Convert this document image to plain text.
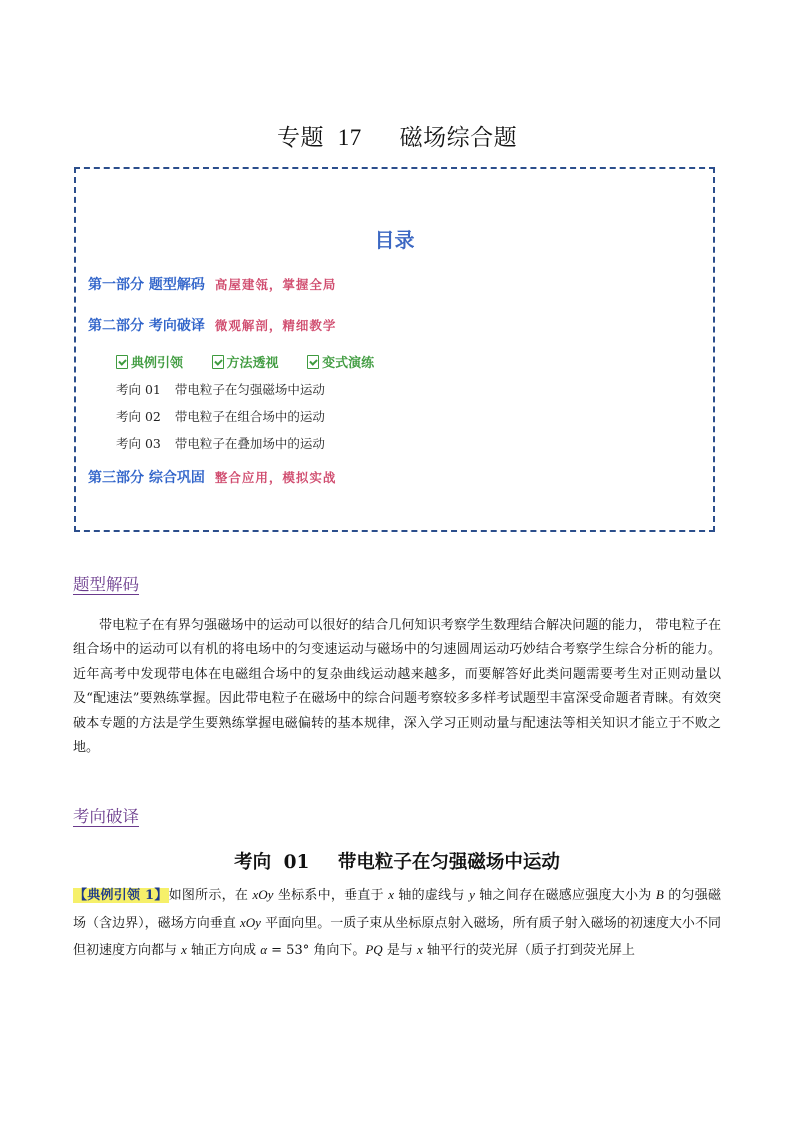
专题 17 磁场综合题
目录
第一部分 题型解码 高屋建瓴，掌握全局
第二部分 考向破译 微观解剖，精细教学
典例引领
	方法透视
	变式演练
考向 01 带电粒子在匀强磁场中运动
考向 02 带电粒子在组合场中的运动
考向 03 带电粒子在叠加场中的运动
第三部分 综合巩固 整合应用，模拟实战
题型解码

带电粒子在有界匀强磁场中的运动可以很好的结合几何知识考察学生数理结合解决问题的能力， 带电粒子在组合场中的运动可以有机的将电场中的匀变速运动与磁场中的匀速圆周运动巧妙结合考察学生综合分析的能力。近年高考中发现带电体在电磁组合场中的复杂曲线运动越来越多，而要解答好此类问题需要考生对正则动量以及“配速法”要熟练掌握。因此带电粒子在磁场中的综合问题考察较多多样考试题型丰富深受命题者青睐。有效突破本专题的方法是学生要熟练掌握电磁偏转的基本规律，深入学习正则动量与配速法等相关知识才能立于不败之地。

考向破译
考向 01 带电粒子在匀强磁场中运动
【典例引领 1】如图所示，在 xOy 坐标系中，垂直于 x 轴的虚线与 y 轴之间存在磁感应强度大小为 B 的匀强磁场（含边界），磁场方向垂直 xOy 平面向里。一质子束从坐标原点射入磁场，所有质子射入磁场的初速度大小不同但初速度方向都与 x 轴正方向成 α = 53° 角向下。PQ 是与 x 轴平行的荧光屏（质子打到荧光屏上
